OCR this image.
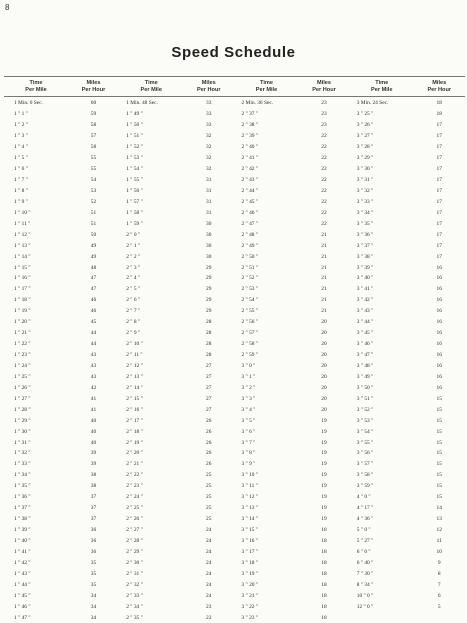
8
Speed Schedule
Time
Per Mile
Miles
Per Hour
1 Min. 0 Sec.	60
1 " 1 "	59
1 " 2 "	58
1 " 3 "	57
1 " 4 "	58
1 " 5 "	55
1 " 6 "	55
1 " 7 "	54
1 " 8 "	53
1 " 9 "	52
1 " 10 "	51
1 " 11 "	51
1 " 12 "	50
1 " 13 "	49
1 " 14 "	49
1 " 15 "	48
1 " 16 "	47
1 " 17 "	47
1 " 18 "	46
1 " 19 "	46
1 " 20 "	45
1 " 21 "	44
1 " 22 "	44
1 " 23 "	43
1 " 24 "	43
1 " 25 "	43
1 " 26 "	42
1 " 27 "	41
1 " 28 "	41
1 " 29 "	40
1 " 30 "	40
1 " 31 "	40
1 " 32 "	39
1 " 33 "	39
1 " 34 "	38
1 " 35 "	38
1 " 36 "	37
1 " 37 "	37
1 " 38 "	37
1 " 39 "	36
1 " 40 "	36
1 " 41 "	36
1 " 42 "	35
1 " 43 "	35
1 " 44 "	35
1 " 45 "	34
1 " 46 "	34
1 " 47 "	34
Time
Per Mile
Miles
Per Hour
1 Min. 48 Sec.	33
1 " 49 "	33
1 " 50 "	33
1 " 51 "	32
1 " 52 "	32
1 " 53 "	32
1 " 54 "	32
1 " 55 "	31
1 " 56 "	31
1 " 57 "	31
1 " 58 "	31
1 " 59 "	30
2 " 0 "	30
2 " 1 "	30
2 " 2 "	30
2 " 3 "	29
2 " 4 "	29
2 " 5 "	29
2 " 6 "	29
2 " 7 "	29
2 " 8 "	28
2 " 9 "	28
2 " 10 "	28
2 " 11 "	28
2 " 12 "	27
2 " 13 "	27
2 " 14 "	27
2 " 15 "	27
2 " 16 "	27
2 " 17 "	26
2 " 18 "	26
2 " 19 "	26
2 " 20 "	26
2 " 21 "	26
2 " 22 "	25
2 " 23 "	25
2 " 24 "	25
2 " 25 "	25
2 " 26 "	25
2 " 27 "	24
2 " 28 "	24
2 " 29 "	24
2 " 30 "	24
2 " 31 "	24
2 " 32 "	24
2 " 33 "	24
2 " 34 "	23
2 " 35 "	23
Time
Per Mile
Miles
Per Hour
2 Min. 36 Sec.	23
2 " 37 "	23
2 " 38 "	23
2 " 39 "	22
2 " 40 "	22
2 " 41 "	22
2 " 42 "	22
2 " 43 "	22
2 " 44 "	22
2 " 45 "	22
2 " 46 "	22
2 " 47 "	22
2 " 48 "	21
2 " 49 "	21
2 " 50 "	21
2 " 51 "	21
2 " 52 "	21
2 " 53 "	21
2 " 54 "	21
2 " 55 "	21
2 " 56 "	20
2 " 57 "	20
2 " 58 "	20
2 " 59 "	20
3 " 0 "	20
3 " 1 "	20
3 " 2 "	20
3 " 3 "	20
3 " 4 "	20
3 " 5 "	19
3 " 6 "	19
3 " 7 "	19
3 " 8 "	19
3 " 9 "	19
3 " 10 "	19
3 " 11 "	19
3 " 12 "	19
3 " 13 "	19
3 " 14 "	19
3 " 15 "	18
3 " 16 "	18
3 " 17 "	18
3 " 18 "	18
3 " 19 "	18
3 " 20 "	18
3 " 21 "	18
3 " 22 "	18
3 " 23 "	18
Time
Per Mile
Miles
Per Hour
3 Min. 24 Sec.	18
3 " 25 "	18
3 " 26 "	17
3 " 27 "	17
3 " 28 "	17
3 " 29 "	17
3 " 30 "	17
3 " 31 "	17
3 " 32 "	17
3 " 33 "	17
3 " 34 "	17
3 " 35 "	17
3 " 36 "	17
3 " 37 "	17
3 " 38 "	17
3 " 39 "	16
3 " 40 "	16
3 " 41 "	16
3 " 42 "	16
3 " 43 "	16
3 " 44 "	16
3 " 45 "	16
3 " 46 "	16
3 " 47 "	16
3 " 48 "	16
3 " 49 "	16
3 " 50 "	16
3 " 51 "	15
3 " 52 "	15
3 " 53 "	15
3 " 54 "	15
3 " 55 "	15
3 " 56 "	15
3 " 57 "	15
3 " 58 "	15
3 " 59 "	15
4 " 0 "	15
4 " 17 "	14
4 " 36 "	13
5 " 0 "	12
5 " 27 "	11
6 " 0 "	10
6 " 40 "	9
7 " 30 "	8
8 " 34 "	7
10 " 0 "	6
12 " 0 "	5
